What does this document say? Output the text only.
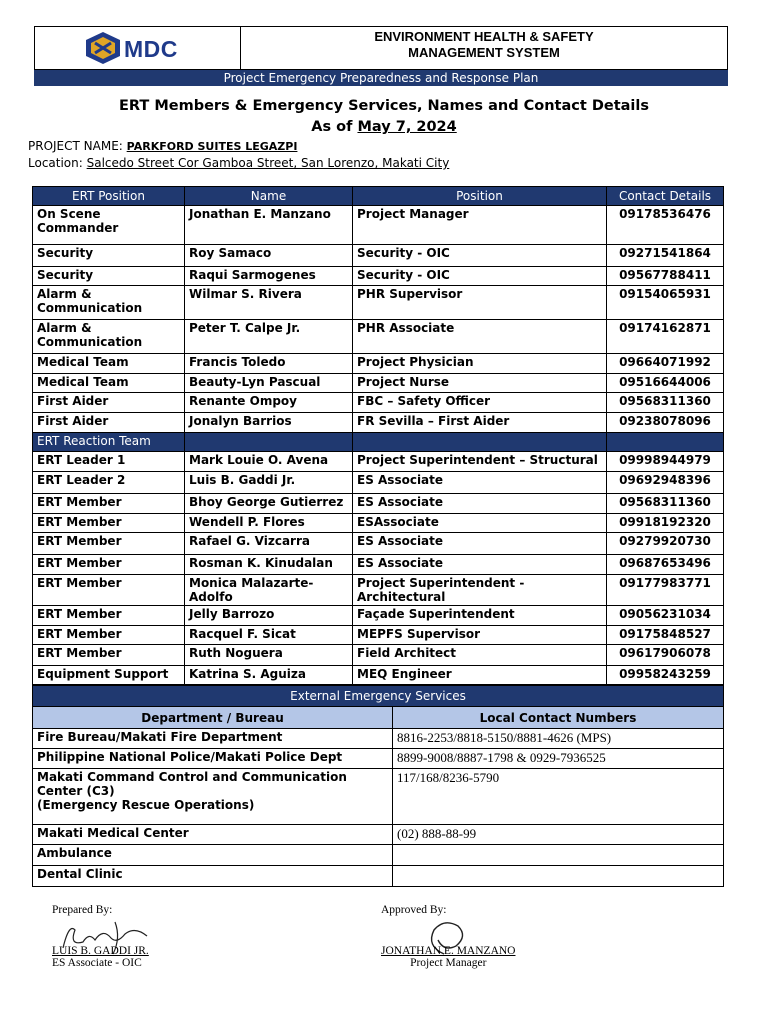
MDC	ENVIRONMENT HEALTH & SAFETY
MANAGEMENT SYSTEM
Project Emergency Preparedness and Response Plan
ERT Members & Emergency Services, Names and Contact Details
As of May 7, 2024
PROJECT NAME: PARKFORD SUITES LEGAZPI
Location: Salcedo Street Cor Gamboa Street, San Lorenzo, Makati City
ERT Position	Name	Position	Contact Details
On Scene Commander	Jonathan E. Manzano	Project Manager	09178536476
Security	Roy Samaco	Security - OIC	09271541864
Security	Raqui Sarmogenes	Security - OIC	09567788411
Alarm & Communication	Wilmar S. Rivera	PHR Supervisor	09154065931
Alarm & Communication	Peter T. Calpe Jr.	PHR Associate	09174162871
Medical Team	Francis Toledo	Project Physician	09664071992
Medical Team	Beauty-Lyn Pascual	Project Nurse	09516644006
First Aider	Renante Ompoy	FBC – Safety Officer	09568311360
First Aider	Jonalyn Barrios	FR Sevilla – First Aider	09238078096
ERT Reaction Team			
ERT Leader 1	Mark Louie O. Avena	Project Superintendent – Structural	09998944979
ERT Leader 2	Luis B. Gaddi Jr.	ES Associate	09692948396
ERT Member	Bhoy George Gutierrez	ES Associate	09568311360
ERT Member	Wendell P. Flores	ESAssociate	09918192320
ERT Member	Rafael G. Vizcarra	ES Associate	09279920730
ERT Member	Rosman K. Kinudalan	ES Associate	09687653496
ERT Member	Monica Malazarte-Adolfo	Project Superintendent - Architectural	09177983771
ERT Member	Jelly Barrozo	Façade Superintendent	09056231034
ERT Member	Racquel F. Sicat	MEPFS Supervisor	09175848527
ERT Member	Ruth Noguera	Field Architect	09617906078
Equipment Support	Katrina S. Aguiza	MEQ Engineer	09958243259
External Emergency Services	
Department / Bureau	Local Contact Numbers
Fire Bureau/Makati Fire Department	8816-2253/8818-5150/8881-4626 (MPS)
Philippine National Police/Makati Police Dept	8899-9008/8887-1798 & 0929-7936525
Makati Command Control and Communication Center (C3)
(Emergency Rescue Operations)	117/168/8236-5790
Makati Medical Center	(02) 888-88-99
Ambulance	
Dental Clinic	
Prepared By:
LUIS B. GADDI JR.
ES Associate - OIC
Approved By:
JONATHAN E. MANZANO
Project Manager
